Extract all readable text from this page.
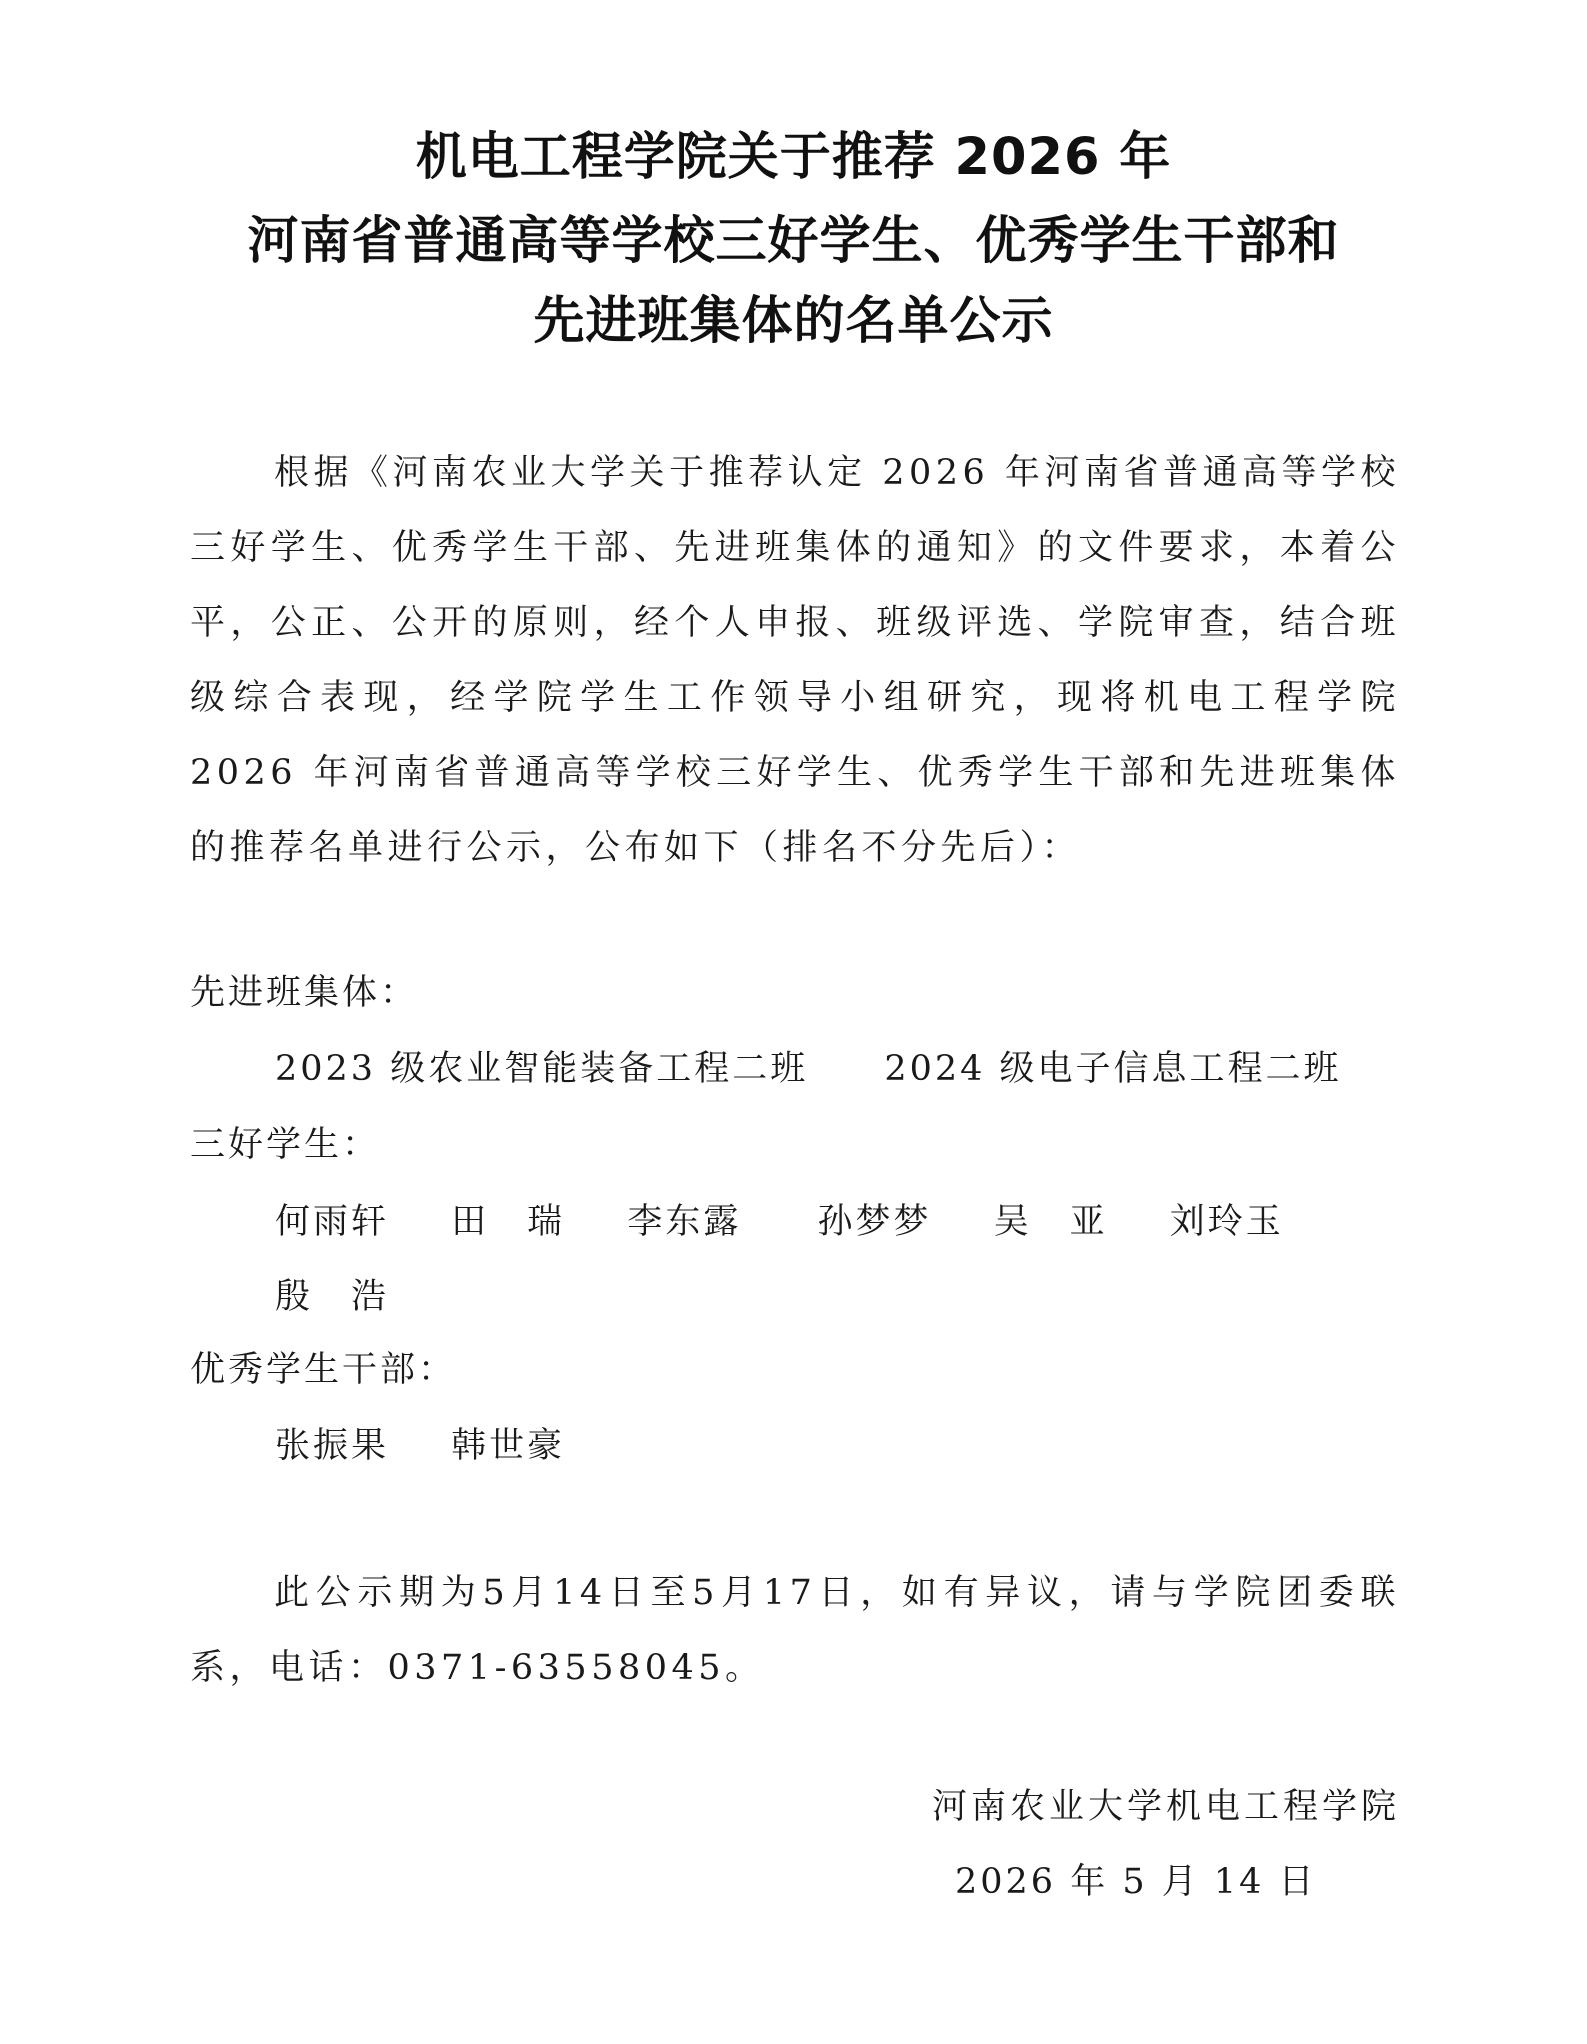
机电工程学院关于推荐 2026 年
河南省普通高等学校三好学生、优秀学生干部和
先进班集体的名单公示

根据《河南农业大学关于推荐认定 2026 年河南省普通高等学校三好学生、优秀学生干部、先进班集体的通知》的文件要求，本着公平，公正、公开的原则，经个人申报、班级评选、学院审查，结合班级综合表现，经学院学生工作领导小组研究，现将机电工程学院 2026 年河南省普通高等学校三好学生、优秀学生干部和先进班集体的推荐名单进行公示，公布如下（排名不分先后）：

先进班集体：
2023 级农业智能装备工程二班 2024 级电子信息工程二班
三好学生：
何雨轩 田　瑞 李东露 孙梦梦 吴　亚 刘玲玉
殷　浩
优秀学生干部：
张振果 韩世豪

此公示期为5月14日至5月17日，如有异议，请与学院团委联系，电话：0371-63558045。

河南农业大学机电工程学院
2026 年 5 月 14 日
